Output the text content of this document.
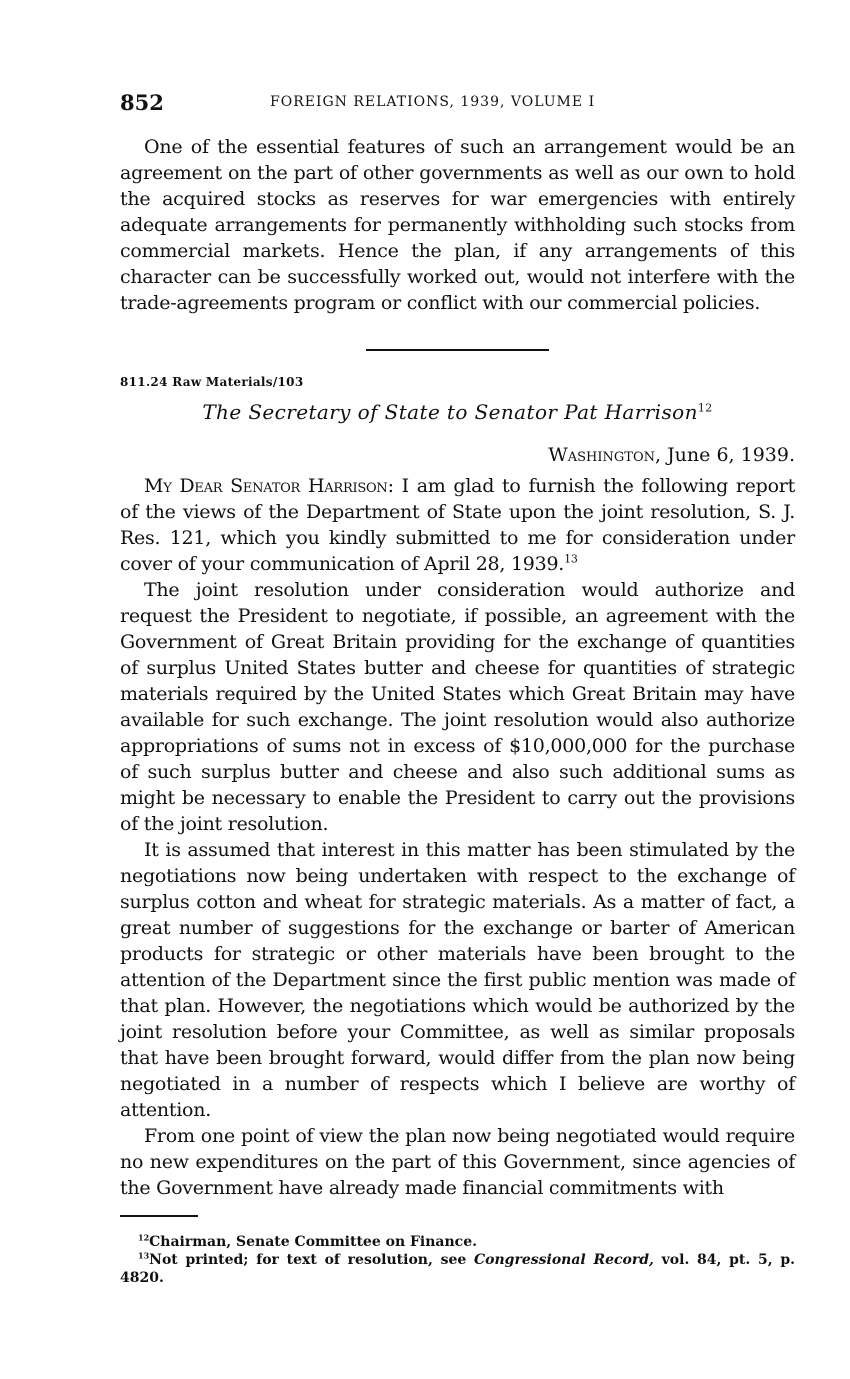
852	FOREIGN RELATIONS, 1939, VOLUME I

One of the essential features of such an arrangement would be an agreement on the part of other governments as well as our own to hold the acquired stocks as reserves for war emergencies with entirely adequate arrangements for permanently withholding such stocks from commercial markets. Hence the plan, if any arrangements of this character can be successfully worked out, would not interfere with the trade-agreements program or conflict with our commercial policies.

811.24 Raw Materials/103
The Secretary of State to Senator Pat Harrison$^{12}$
Washington, June 6, 1939.

My Dear Senator Harrison: I am glad to furnish the following report of the views of the Department of State upon the joint resolution, S. J. Res. 121, which you kindly submitted to me for consideration under cover of your communication of April 28, 1939.13

The joint resolution under consideration would authorize and request the President to negotiate, if possible, an agreement with the Government of Great Britain providing for the exchange of quantities of surplus United States butter and cheese for quantities of strategic materials required by the United States which Great Britain may have available for such exchange. The joint resolution would also authorize appropriations of sums not in excess of $10,000,000 for the purchase of such surplus butter and cheese and also such additional sums as might be necessary to enable the President to carry out the provisions of the joint resolution.

It is assumed that interest in this matter has been stimulated by the negotiations now being undertaken with respect to the exchange of surplus cotton and wheat for strategic materials. As a matter of fact, a great number of suggestions for the exchange or barter of American products for strategic or other materials have been brought to the attention of the Department since the first public mention was made of that plan. However, the negotiations which would be authorized by the joint resolution before your Committee, as well as similar proposals that have been brought forward, would differ from the plan now being negotiated in a number of respects which I believe are worthy of attention.

From one point of view the plan now being negotiated would require no new expenditures on the part of this Government, since agencies of the Government have already made financial commitments with

$^{12}$Chairman, Senate Committee on Finance.

$^{13}$Not printed; for text of resolution, see Congressional Record, vol. 84, pt. 5, p. 4820.
